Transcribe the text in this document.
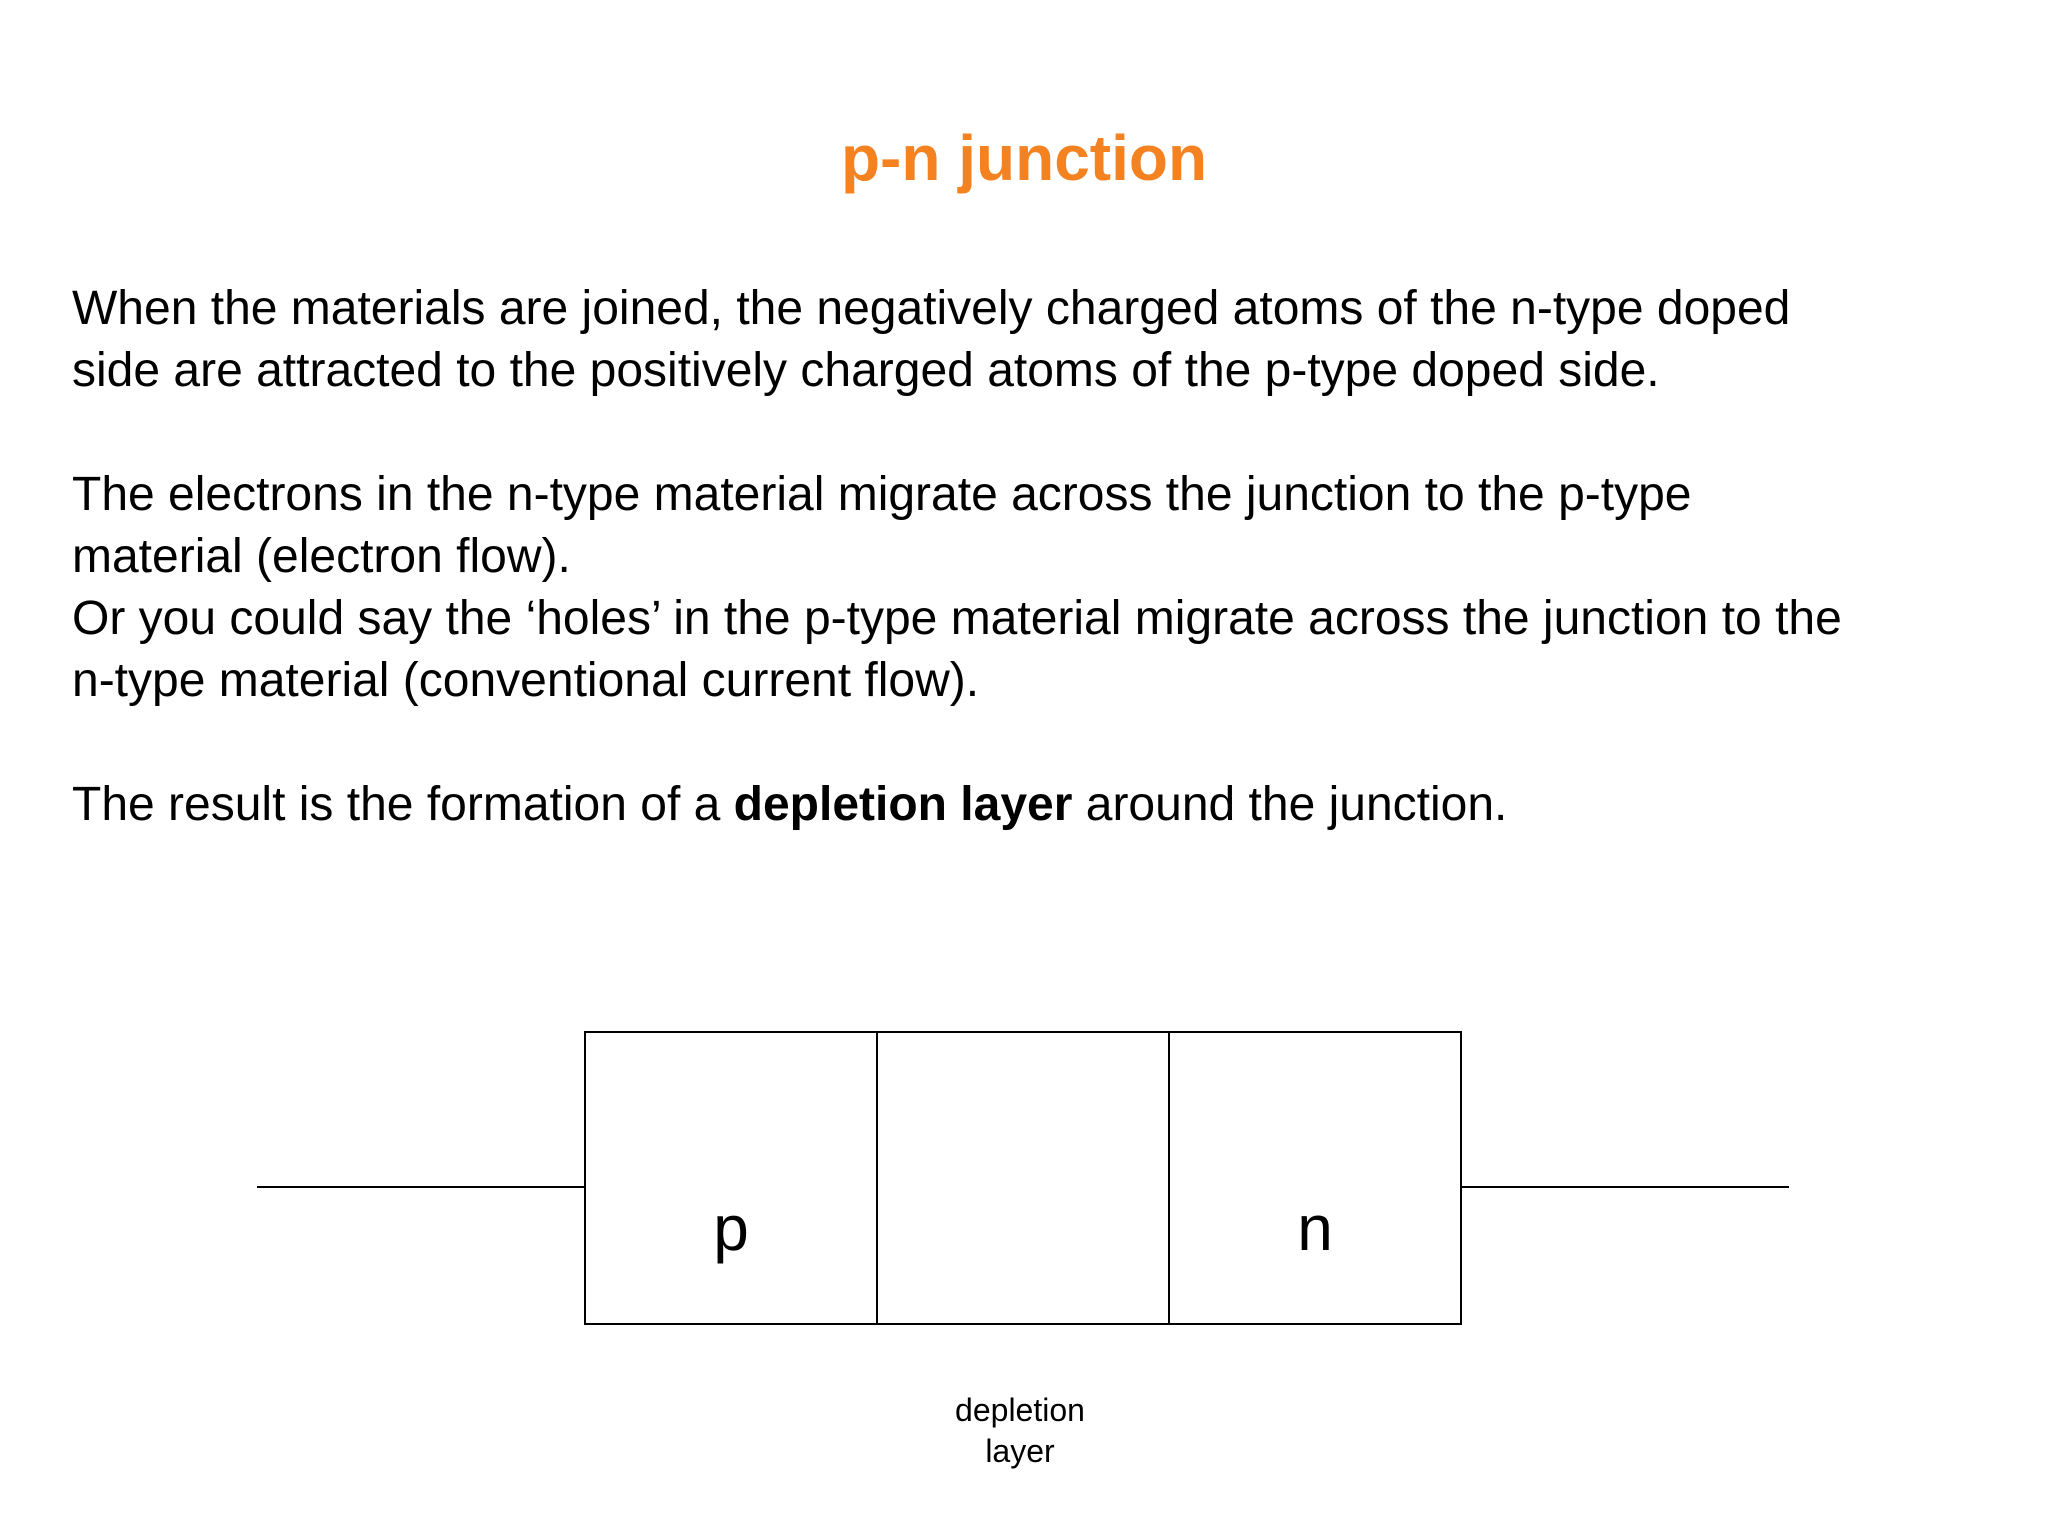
p-n junction
When the materials are joined, the negatively charged atoms of the n-type doped
side are attracted to the positively charged atoms of the p-type doped side.
The electrons in the n-type material migrate across the junction to the p-type
material (electron flow).
Or you could say the ‘holes’ in the p-type material migrate across the junction to the
n-type material (conventional current flow).
The result is the formation of a depletion layer around the junction.
p	n
depletion
layer
